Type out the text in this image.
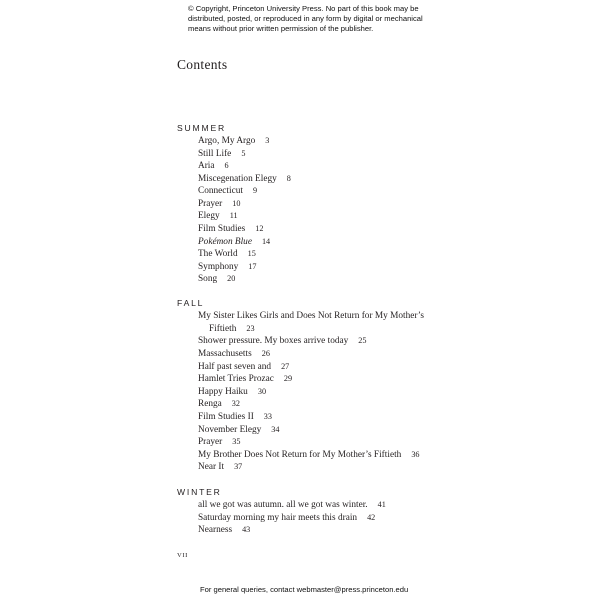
© Copyright, Princeton University Press. No part of this book may be
distributed, posted, or reproduced in any form by digital or mechanical
means without prior written permission of the publisher.
Contents
SUMMER
Argo, My Argo 3
Still Life 5
Aria 6
Miscegenation Elegy 8
Connecticut 9
Prayer 10
Elegy 11
Film Studies 12
Pokémon Blue 14
The World 15
Symphony 17
Song 20
FALL
My Sister Likes Girls and Does Not Return for My Mother’s
Fiftieth 23
Shower pressure. My boxes arrive today 25
Massachusetts 26
Half past seven and 27
Hamlet Tries Prozac 29
Happy Haiku 30
Renga 32
Film Studies II 33
November Elegy 34
Prayer 35
My Brother Does Not Return for My Mother’s Fiftieth 36
Near It 37
WINTER
all we got was autumn. all we got was winter. 41
Saturday morning my hair meets this drain 42
Nearness 43
VII
For general queries, contact webmaster@press.princeton.edu
